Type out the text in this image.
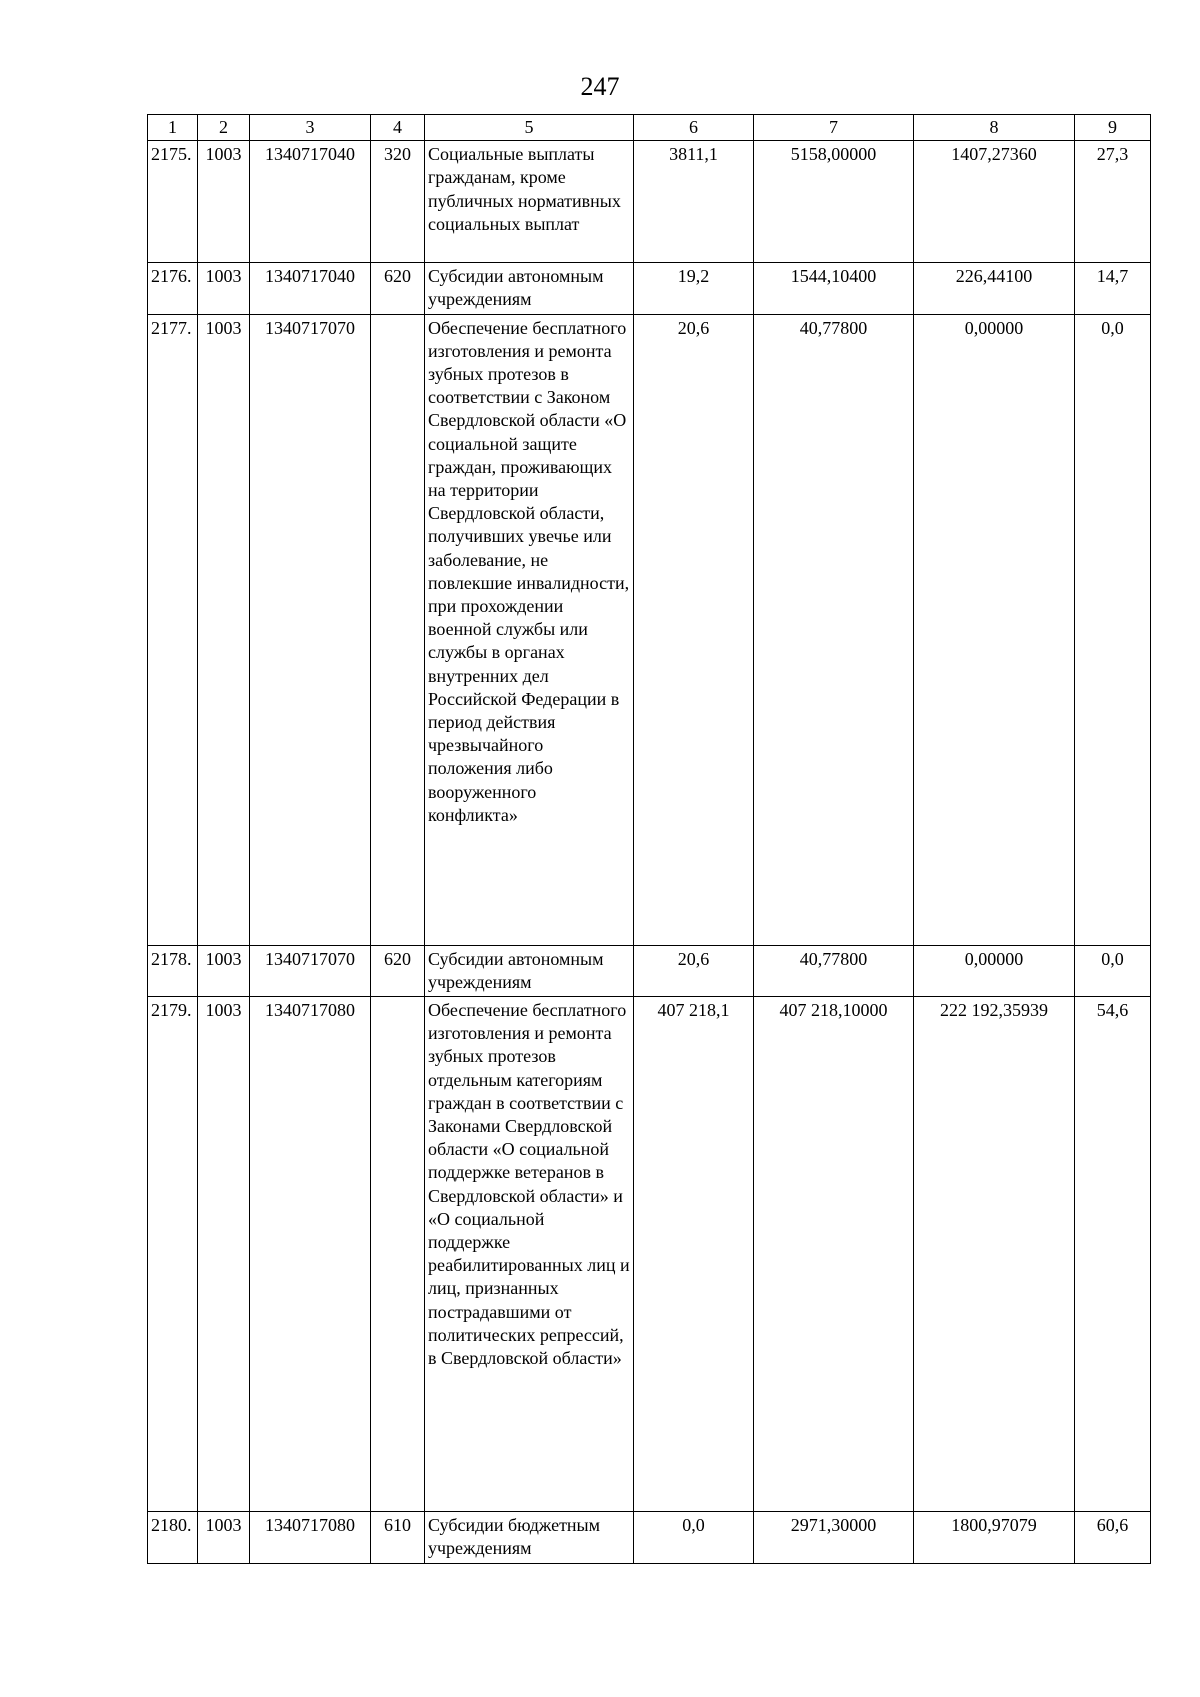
247
1	2	3	4	5	6	7	8	9
2175.	1003	1340717040	320	Социальные выплаты гражданам, кроме публичных нормативных социальных выплат	3811,1	5158,00000	1407,27360	27,3
2176.	1003	1340717040	620	Субсидии автономным учреждениям	19,2	1544,10400	226,44100	14,7
2177.	1003	1340717070		Обеспечение бесплатного изготовления и ремонта зубных протезов в соответствии с Законом Свердловской области «О социальной защите граждан, проживающих на территории Свердловской области, получивших увечье или заболевание, не повлекшие инвалидности, при прохождении военной службы или службы в органах внутренних дел Российской Федерации в период действия чрезвычайного положения либо вооруженного конфликта»	20,6	40,77800	0,00000	0,0
2178.	1003	1340717070	620	Субсидии автономным учреждениям	20,6	40,77800	0,00000	0,0
2179.	1003	1340717080		Обеспечение бесплатного изготовления и ремонта зубных протезов отдельным категориям граждан в соответствии с Законами Свердловской области «О социальной поддержке ветеранов в Свердловской области» и «О социальной поддержке реабилитированных лиц и лиц, признанных пострадавшими от политических репрессий, в Свердловской области»	407 218,1	407 218,10000	222 192,35939	54,6
2180.	1003	1340717080	610	Субсидии бюджетным учреждениям	0,0	2971,30000	1800,97079	60,6
